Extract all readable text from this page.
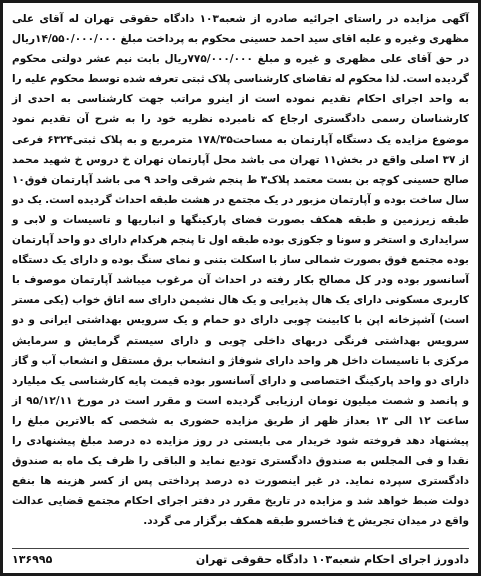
آگهی مزایده در راستای اجرائیه صادره از شعبه۱۰۳ دادگاه حقوقی تهران له آقای علی مظهری وغیره و علیه اقای سید احمد حسینی محکوم به پرداخت مبلغ ۱۴/۵۵۰/۰۰۰/۰۰۰ریال در حق آقای علی مظهری و غیره و مبلغ ۷۷۵/۰۰۰/۰۰۰ریال بابت نیم عشر دولتی محکوم گردیده است. لذا محکوم له تقاضای کارشناسی پلاک ثبتی تعرفه شده توسط محکوم علیه را به واحد اجرای احکام تقدیم نموده است از اینرو مراتب جهت کارشناسی به احدی از کارشناسان رسمی دادگستری ارجاع که نامبرده نظریه خود را به شرح آن تقدیم نمود موضوع مزایده یک دستگاه آپارتمان به مساحت۱۷۸/۳۵ مترمربع و به پلاک ثبتی۶۳۲۴ فرعی از ۳۷ اصلی واقع در بخش۱۱ تهران می باشد محل آپارتمان تهران خ دروس خ شهید محمد صالح حسینی کوچه بن بست معتمد پلاک۳ ط پنجم شرقی واحد ۹ می باشد آپارتمان فوق۱۰ سال ساخت بوده و آپارتمان مزبور در یک مجتمع در هشت طبقه احداث گردیده است. یک دو طبقه زیرزمین و طبقه همکف بصورت فضای پارکینگها و انباریها و تاسیسات و لابی و سرایداری و استخر و سونا و جکوزی بوده طبقه اول تا پنجم هرکدام دارای دو واحد آپارتمان بوده مجتمع فوق بصورت شمالی ساز با اسکلت بتنی و نمای سنگ بوده و دارای یک دستگاه آسانسور بوده ودر کل مصالح بکار رفته در احداث آن مرغوب میباشد آپارتمان موصوف با کاربری مسکونی دارای یک هال پذیرایی و یک هال نشیمن دارای سه اتاق خواب (یکی مستر است) آشپزخانه اپن با کابینت چوبی دارای دو حمام و یک سرویس بهداشتی ایرانی و دو سرویس بهداشتی فرنگی دربهای داخلی چوبی و دارای سیستم گرمایش و سرمایش مرکزی با تاسیسات داخل هر واحد دارای شوفاژ و انشعاب برق مستقل و انشعاب آب و گاز دارای دو واحد پارکینگ اختصاصی و دارای آسانسور بوده قیمت پایه کارشناسی یک میلیارد و پانصد و شصت میلیون تومان ارزیابی گردیده است و مقرر است در مورخ ۹۵/۱۲/۱۱ از ساعت ۱۲ الی ۱۳ بعداز ظهر از طریق مزایده حضوری به شخصی که بالاترین مبلغ را پیشنهاد دهد فروخته شود خریدار می بایستی در روز مزایده ده درصد مبلغ پیشنهادی را نقدا و فی المجلس به صندوق دادگستری تودیع نماید و الباقی را ظرف یک ماه به صندوق دادگستری سپرده نماید. در غیر اینصورت ده درصد پرداختی پس از کسر هزینه ها بنفع دولت ضبط خواهد شد و مزایده در تاریخ مقرر در دفتر اجرای احکام مجتمع قضایی عدالت واقع در میدان تجریش خ فناخسرو طبقه همکف برگزار می گردد.

دادورز اجرای احکام شعبه۱۰۳ دادگاه حقوقی تهران
۱۳۶۹۹۵
